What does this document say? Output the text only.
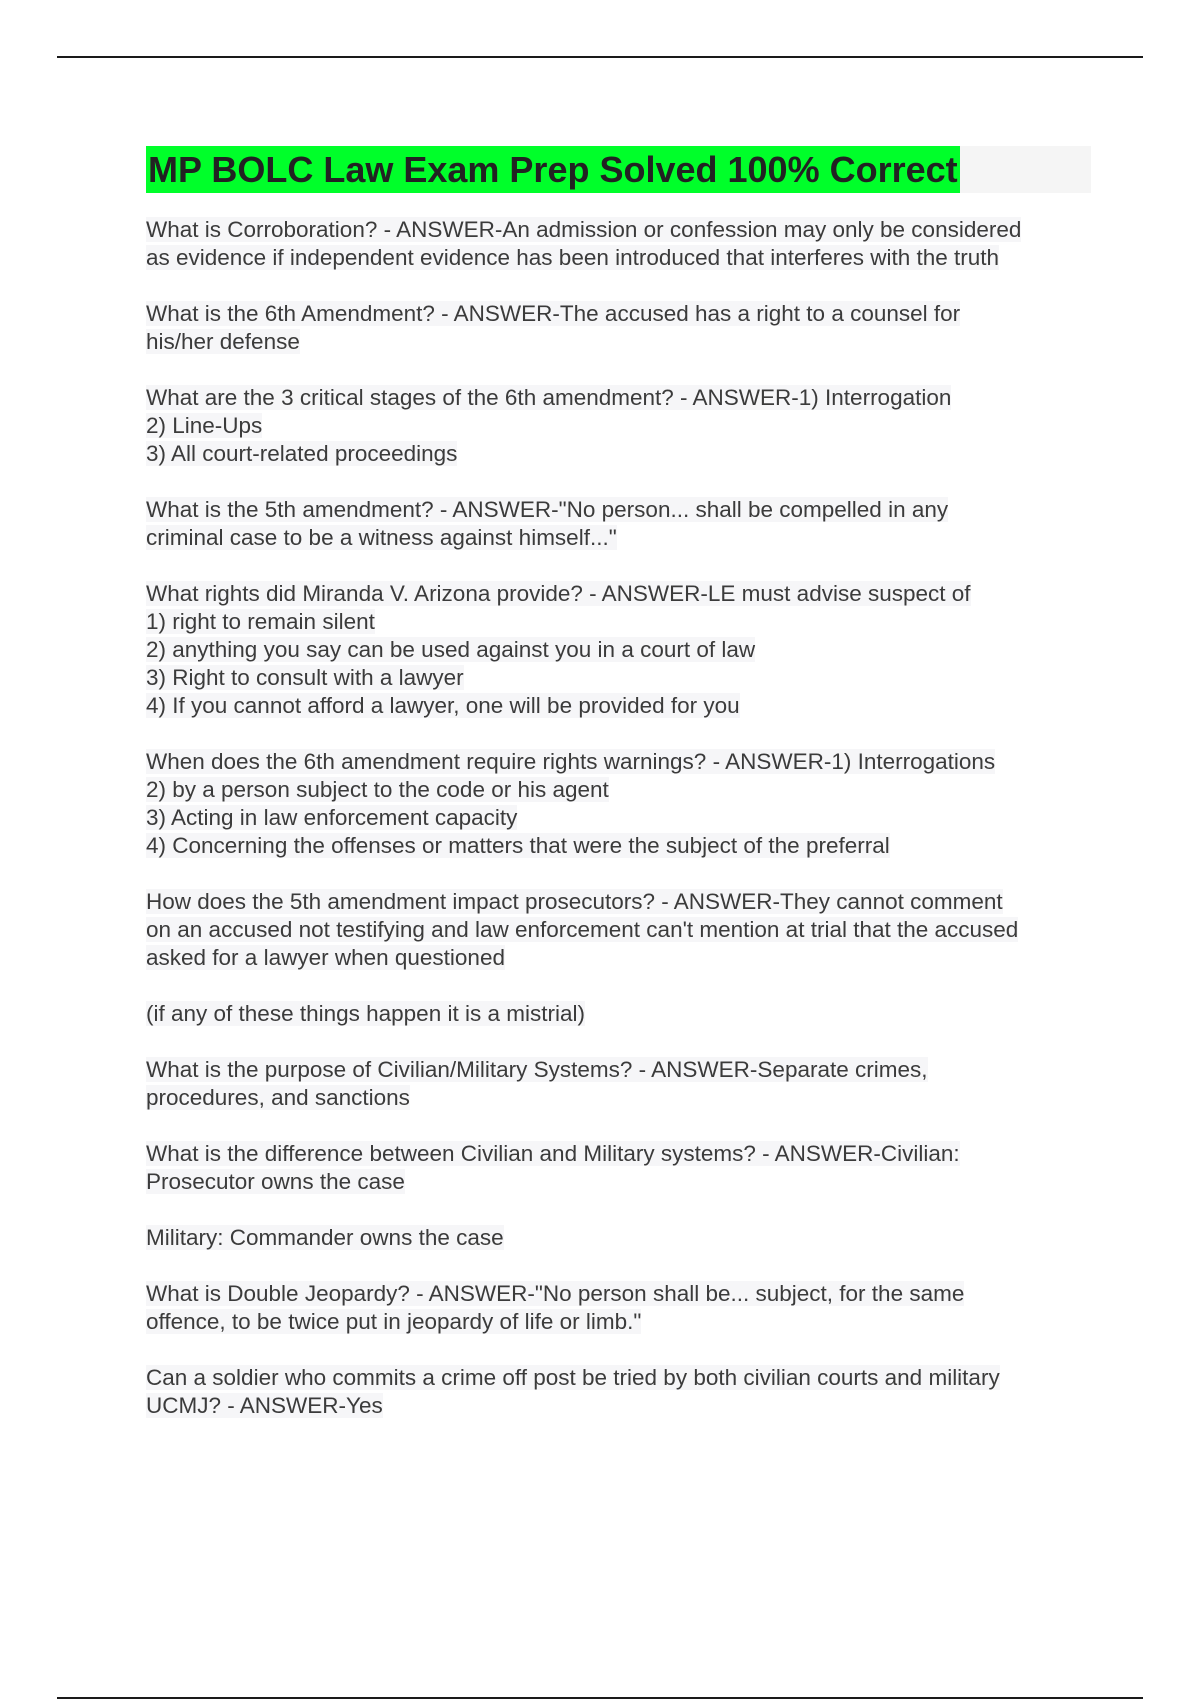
MP BOLC Law Exam Prep Solved 100% Correct
What is Corroboration? - ANSWER-An admission or confession may only be considered
as evidence if independent evidence has been introduced that interferes with the truth
What is the 6th Amendment? - ANSWER-The accused has a right to a counsel for
his/her defense
What are the 3 critical stages of the 6th amendment? - ANSWER-1) Interrogation
2) Line-Ups
3) All court-related proceedings
What is the 5th amendment? - ANSWER-"No person... shall be compelled in any
criminal case to be a witness against himself..."
What rights did Miranda V. Arizona provide? - ANSWER-LE must advise suspect of
1) right to remain silent
2) anything you say can be used against you in a court of law
3) Right to consult with a lawyer
4) If you cannot afford a lawyer, one will be provided for you
When does the 6th amendment require rights warnings? - ANSWER-1) Interrogations
2) by a person subject to the code or his agent
3) Acting in law enforcement capacity
4) Concerning the offenses or matters that were the subject of the preferral
How does the 5th amendment impact prosecutors? - ANSWER-They cannot comment
on an accused not testifying and law enforcement can't mention at trial that the accused
asked for a lawyer when questioned
(if any of these things happen it is a mistrial)
What is the purpose of Civilian/Military Systems? - ANSWER-Separate crimes,
procedures, and sanctions
What is the difference between Civilian and Military systems? - ANSWER-Civilian:
Prosecutor owns the case
Military: Commander owns the case
What is Double Jeopardy? - ANSWER-"No person shall be... subject, for the same
offence, to be twice put in jeopardy of life or limb."
Can a soldier who commits a crime off post be tried by both civilian courts and military
UCMJ? - ANSWER-Yes
